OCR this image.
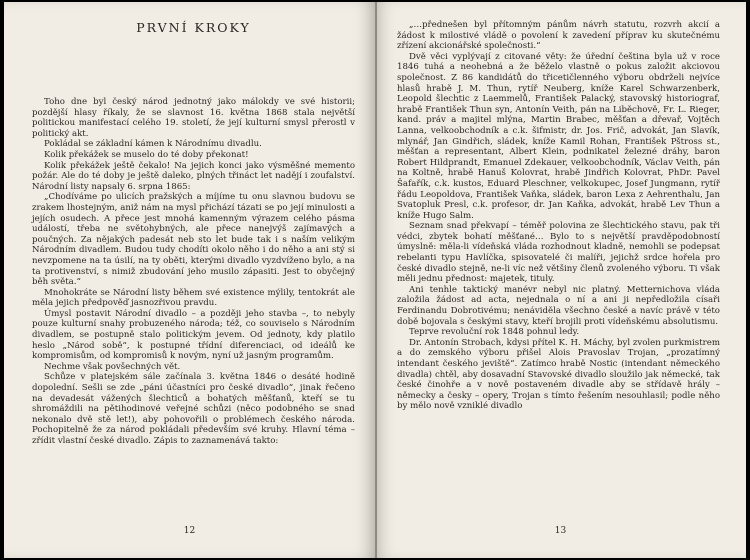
PRVNÍ KROKY

Toho dne byl český národ jednotný jako málokdy ve své historii; pozdější hlasy říkaly, že se slavnost 16. května 1868 stala největší politickou manifestací celého 19. století, že její kulturní smysl přerostl v politický akt.

Pokládal se základní kámen k Národnímu divadlu.

Kolik překážek se muselo do té doby překonat!

Kolik překážek ještě čekalo! Na jejich konci jako výsměšné memento požár. Ale do té doby je ještě daleko, plných třináct let nadějí i zoufalství. Národní listy napsaly 6. srpna 1865:

„Chodíváme po ulicích pražských a míjíme tu onu slavnou budovu se zrakem lhostejným, aniž nám na mysl přichází tázati se po její minulosti a jejích osudech. A přece jest mnohá kamenným výrazem celého pásma událostí, třeba ne světohybných, ale přece nanejvýš zajímavých a poučných. Za nějakých padesát neb sto let bude tak i s naším velikým Národním divadlem. Budou tudy chodíti okolo něho i do něho a ani stý si nevzpomene na ta úsilí, na ty oběti, kterými divadlo vyzdvíženo bylo, a na ta protivenství, s nimiž zbudování jeho musilo zápasiti. Jest to obyčejný běh světa.“

Mnohokráte se Národní listy během své existence mýlily, tentokrát ale měla jejich předpověď jasnozřivou pravdu.

Úmysl postavit Národní divadlo – a později jeho stavba –, to nebyly pouze kulturní snahy probuzeného národa; též, co souviselo s Národním divadlem, se postupně stalo politickým jevem. Od jednoty, kdy platilo heslo „Národ sobě“, k postupné třídní diferenciaci, od ideálů ke kompromisům, od kompromisů k novým, nyní už jasným programům.

Nechme však povšechných vět.

Schůze v platejském sále začínala 3. května 1846 o desáté hodině dopolední. Sešli se zde „páni účastníci pro české divadlo“, jinak řečeno na devadesát vážených šlechticů a bohatých měšťanů, kteří se tu shromáždili na pětihodinové veřejné schůzi (něco podobného se snad nekonalo dvě stě let!), aby pohovořili o problémech českého národa. Pochopitelně že za národ pokládali především své kruhy. Hlavní téma – zřídit vlastní české divadlo. Zápis to zaznamenává takto:

12

„…přednešen byl přítomným pánům návrh statutu, rozvrh akcií a žádost k milostivé vládě o povolení k zavedení příprav ku skutečnému zřízení akcionářské společnosti.“

Dvě věci vyplývají z citované věty: že úřední čeština byla už v roce 1846 tuhá a neohebná a že běželo vlastně o pokus založit akciovou společnost. Z 86 kandidátů do třicetičlenného výboru obdrželi nejvíce hlasů hrabě J. M. Thun, rytíř Neuberg, kníže Karel Schwarzenberk, Leopold šlechtic z Laemmelů, František Palacký, stavovský historiograf, hrabě František Thun syn, Antonín Veith, pán na Liběchově, Fr. L. Rieger, kand. práv a majitel mlýna, Martin Brabec, měšťan a dřevař, Vojtěch Lanna, velkoobchodník a c.k. šifmistr, dr. Jos. Frič, advokát, Jan Slavík, mlynář, Jan Gindřich, sládek, kníže Kamil Rohan, František Pštross st., měšťan a representant, Albert Klein, podnikatel železné dráhy, baron Robert Hildprandt, Emanuel Zdekauer, velkoobchodník, Václav Veith, pán na Koltně, hrabě Hanuš Kolovrat, hrabě Jindřich Kolovrat, PhDr. Pavel Šafařík, c.k. kustos, Eduard Pleschner, velkokupec, Josef Jungmann, rytíř řádu Leopoldova, František Vaňka, sládek, baron Lexa z Aehrenthalu, Jan Svatopluk Presl, c.k. profesor, dr. Jan Kaňka, advokát, hrabě Lev Thun a kníže Hugo Salm.

Seznam snad překvapí – téměř polovina ze šlechtického stavu, pak tři védci, zbytek bohatí měšťané… Bylo to s největší pravděpodobností úmyslně: měla-li vídeňská vláda rozhodnout kladně, nemohli se podepsat rebelanti typu Havlíčka, spisovatelé či malíři, jejichž srdce hořela pro české divadlo stejně, ne-li víc než většiny členů zvoleného výboru. Ti však měli jednu přednost: majetek, tituly.

Ani tenhle taktický manévr nebyl nic platný. Metternichova vláda založila žádost ad acta, nejednala o ní a ani ji nepředložila císaři Ferdinandu Dobrotivému; nenáviděla všechno české a navíc právě v této době bojovala s českými stavy, kteří brojili proti vídeňskému absolutismu.

Teprve revoluční rok 1848 pohnul ledy.

Dr. Antonín Strobach, kdysi přítel K. H. Máchy, byl zvolen purkmistrem a do zemského výboru přišel Alois Pravoslav Trojan, „prozatímný intendant českého jeviště“. Zatímco hrabě Nostic (intendant německého divadla) chtěl, aby dosavadní Stavovské divadlo sloužilo jak německé, tak české činohře a v nově postaveném divadle aby se střídavě hrály – německy a česky – opery, Trojan s tímto řešením nesouhlasil; podle něho by mělo nově vzniklé divadlo

13
